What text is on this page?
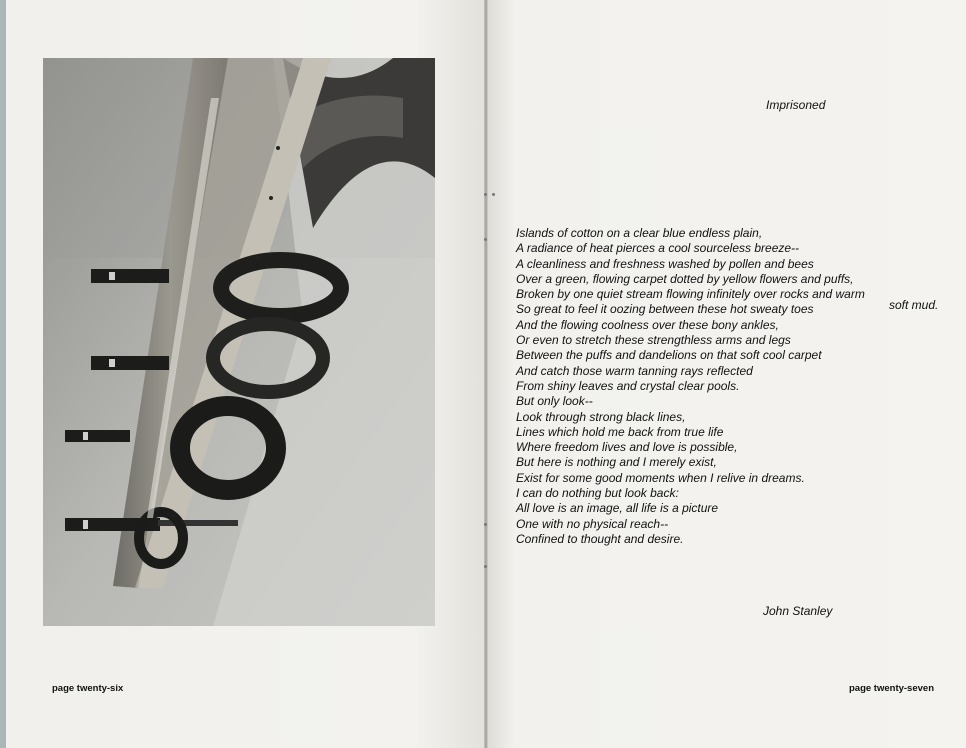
page twenty-six
Imprisoned
Islands of cotton on a clear blue endless plain,
A radiance of heat pierces a cool sourceless breeze--
A cleanliness and freshness washed by pollen and bees
Over a green, flowing carpet dotted by yellow flowers and puffs,
Broken by one quiet stream flowing infinitely over rocks and warm
So great to feel it oozing between these hot sweaty toes
And the flowing coolness over these bony ankles,
Or even to stretch these strengthless arms and legs
Between the puffs and dandelions on that soft cool carpet
And catch those warm tanning rays reflected
From shiny leaves and crystal clear pools.
But only look--
Look through strong black lines,
Lines which hold me back from true life
Where freedom lives and love is possible,
But here is nothing and I merely exist,
Exist for some good moments when I relive in dreams.
I can do nothing but look back:
All love is an image, all life is a picture
One with no physical reach--
Confined to thought and desire.
soft mud.
John Stanley
page twenty-seven
